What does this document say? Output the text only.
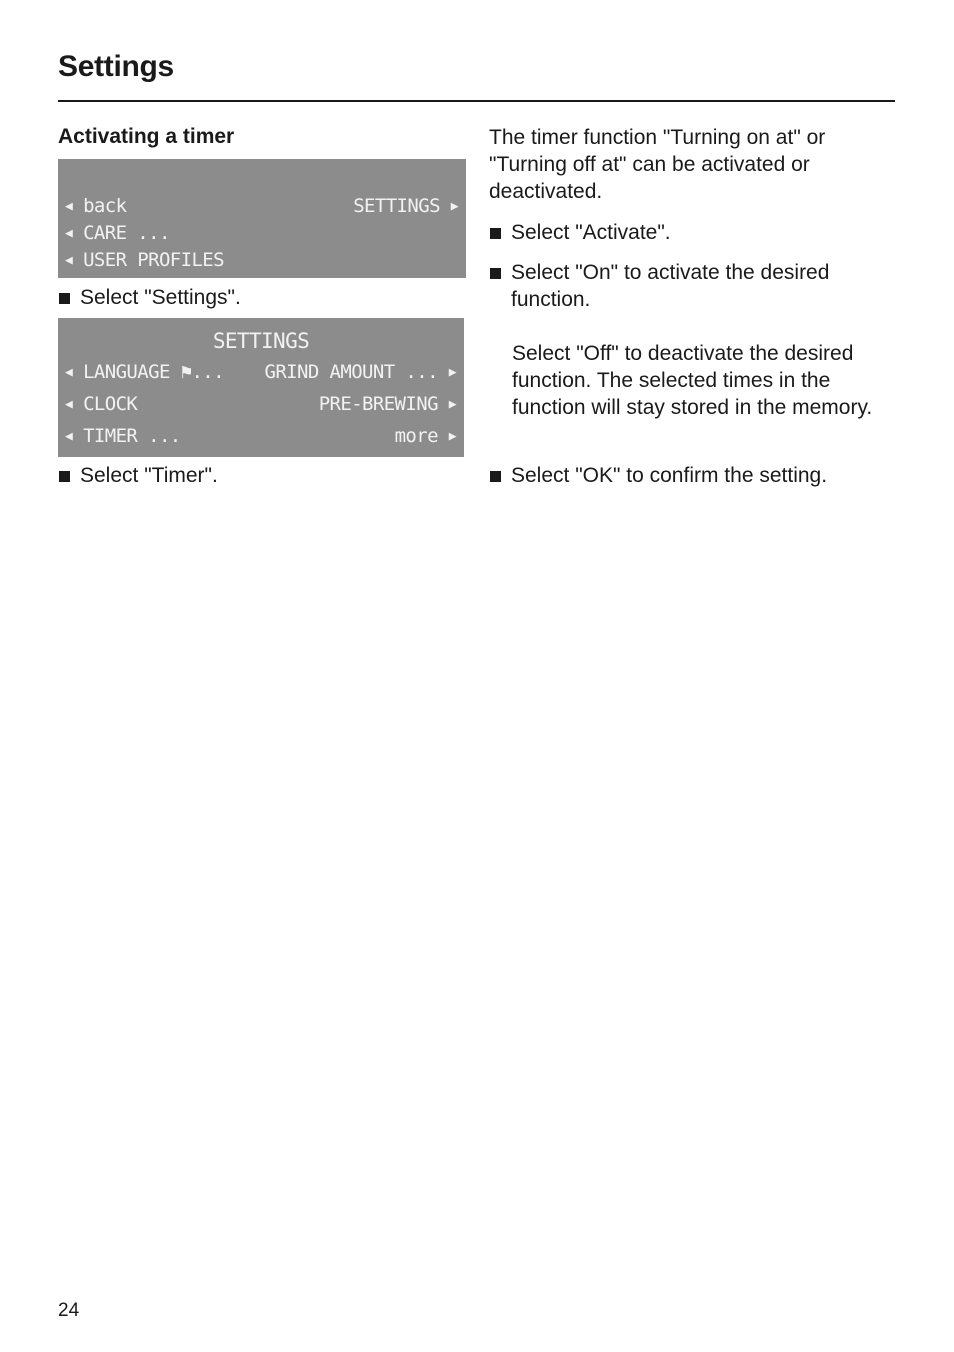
Settings
Activating a timer
◀ back	SETTINGS ▶
◀ CARE ...
◀ USER PROFILES
Select "Settings".
SETTINGS
◀ LANGUAGE ⚑... GRIND AMOUNT ... ▶
◀ CLOCK	PRE-BREWING ▶
◀ TIMER ...	more ▶
Select "Timer".
The timer function "Turning on at" or "Turning off at" can be activated or deactivated.
Select "Activate".
Select "On" to activate the desired function.
Select "Off" to deactivate the desired function. The selected times in the function will stay stored in the memory.
Select "OK" to confirm the setting.
24
